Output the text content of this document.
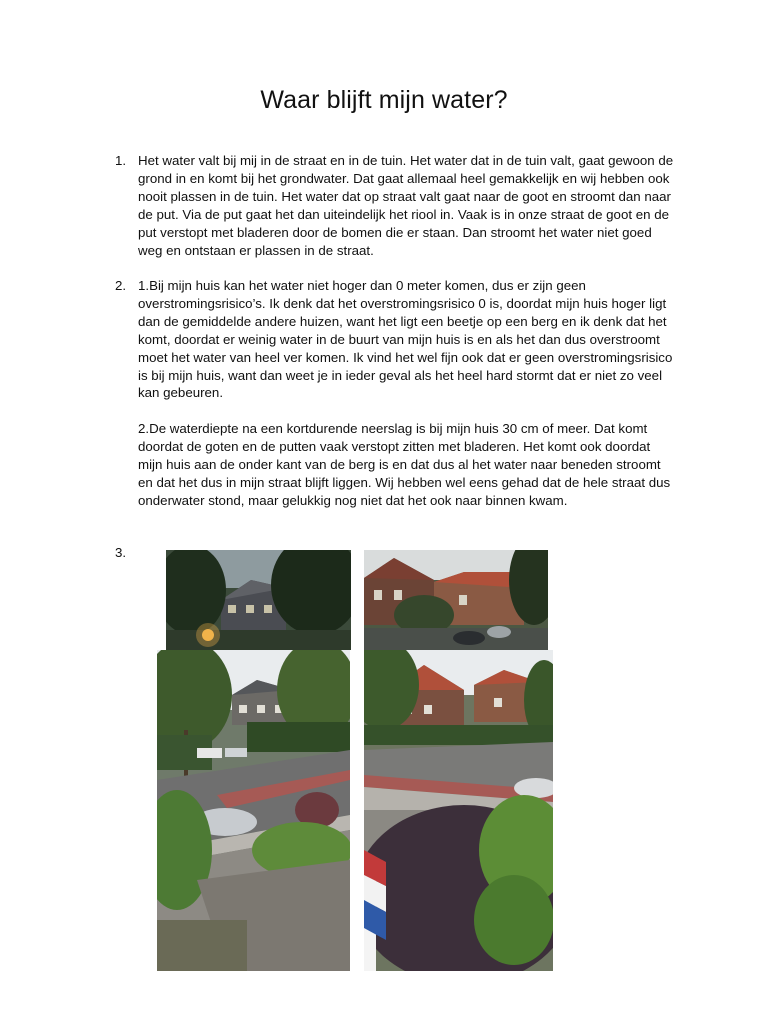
Waar blijft mijn water?
1. Het water valt bij mij in de straat en in de tuin. Het water dat in de tuin valt, gaat gewoon de grond in en komt bij het grondwater. Dat gaat allemaal heel gemakkelijk en wij hebben ook nooit plassen in de tuin. Het water dat op straat valt gaat naar de goot en stroomt dan naar de put. Via de put gaat het dan uiteindelijk het riool in. Vaak is in onze straat de goot en de put verstopt met bladeren door de bomen die er staan. Dan stroomt het water niet goed weg en ontstaan er plassen in de straat.

2. 1.Bij mijn huis kan het water niet hoger dan 0 meter komen, dus er zijn geen overstromingsrisico’s. Ik denk dat het overstromingsrisico 0 is, doordat mijn huis hoger ligt dan de gemiddelde andere huizen, want het ligt een beetje op een berg en ik denk dat het komt, doordat er weinig water in de buurt van mijn huis is en als het dan dus overstroomt moet het water van heel ver komen. Ik vind het wel fijn ook dat er geen overstromingsrisico is bij mijn huis, want dan weet je in ieder geval als het heel hard stormt dat er niet zo veel kan gebeuren.

2.De waterdiepte na een kortdurende neerslag is bij mijn huis 30 cm of meer. Dat komt doordat de goten en de putten vaak verstopt zitten met bladeren. Het komt ook doordat mijn huis aan de onder kant van de berg is en dat dus al het water naar beneden stroomt en dat het dus in mijn straat blijft liggen. Wij hebben wel eens gehad dat de hele straat dus onderwater stond, maar gelukkig nog niet dat het ook naar binnen kwam.

3.
